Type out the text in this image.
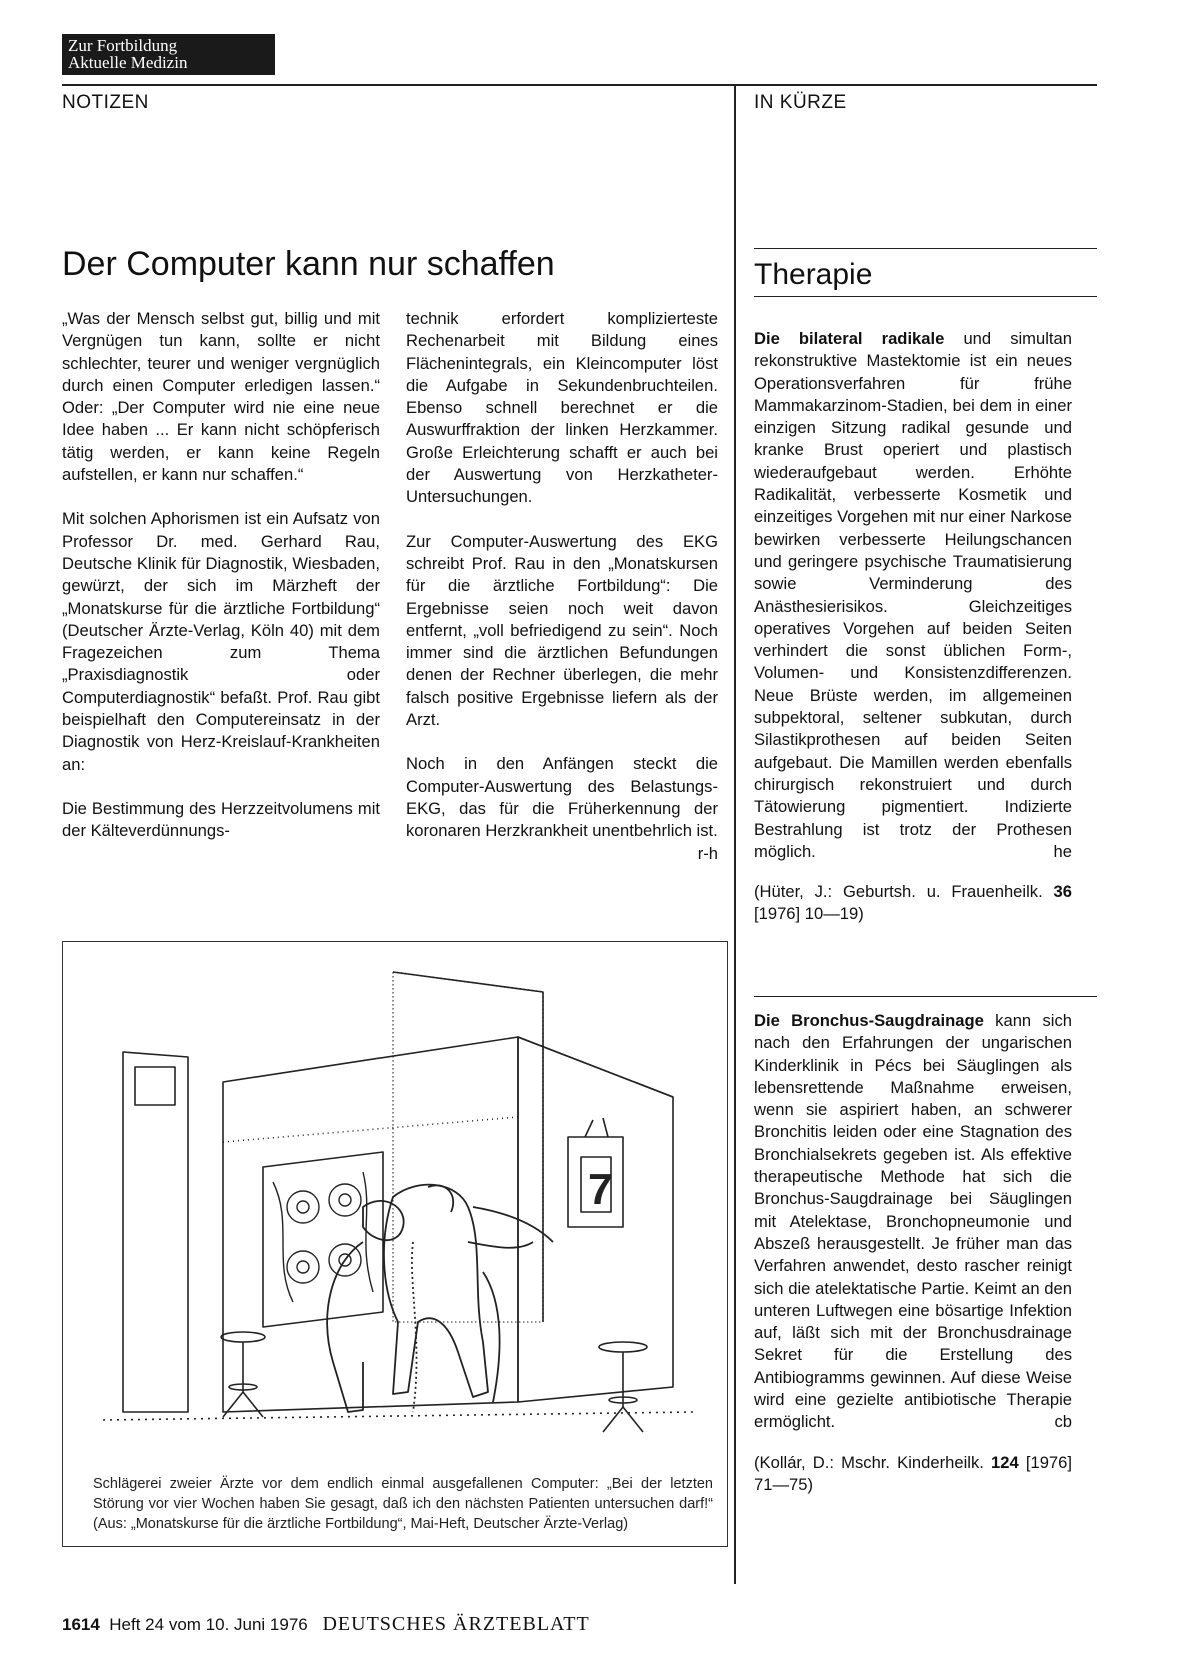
Zur Fortbildung
Aktuelle Medizin
NOTIZEN	IN KÜRZE
Der Computer kann nur schaffen

„Was der Mensch selbst gut, billig und mit Vergnügen tun kann, sollte er nicht schlechter, teurer und weniger vergnüglich durch einen Computer erledigen lassen.“ Oder: „Der Computer wird nie eine neue Idee haben ... Er kann nicht schöpferisch tätig werden, er kann keine Regeln aufstellen, er kann nur schaffen.“

Mit solchen Aphorismen ist ein Aufsatz von Professor Dr. med. Gerhard Rau, Deutsche Klinik für Diagnostik, Wiesbaden, gewürzt, der sich im Märzheft der „Monatskurse für die ärztliche Fortbildung“ (Deutscher Ärzte-Verlag, Köln 40) mit dem Fragezeichen zum Thema „Praxisdiagnostik oder Computerdiagnostik“ befaßt. Prof. Rau gibt beispielhaft den Computereinsatz in der Diagnostik von Herz-Kreislauf-Krankheiten an:

Die Bestimmung des Herzzeitvolumens mit der Kälteverdünnungs-

technik erfordert komplizierteste Rechenarbeit mit Bildung eines Flächenintegrals, ein Kleincomputer löst die Aufgabe in Sekundenbruchteilen. Ebenso schnell berechnet er die Auswurffraktion der linken Herzkammer. Große Erleichterung schafft er auch bei der Auswertung von Herzkatheter-Untersuchungen.

Zur Computer-Auswertung des EKG schreibt Prof. Rau in den „Monatskursen für die ärztliche Fortbildung“: Die Ergebnisse seien noch weit davon entfernt, „voll befriedigend zu sein“. Noch immer sind die ärztlichen Befundungen denen der Rechner überlegen, die mehr falsch positive Ergebnisse liefern als der Arzt.

Noch in den Anfängen steckt die Computer-Auswertung des Belastungs-EKG, das für die Früherkennung der koronaren Herzkrankheit unentbehrlich ist.
r-h

Therapie

Die bilateral radikale und simultan rekonstruktive Mastektomie ist ein neues Operationsverfahren für frühe Mammakarzinom-Stadien, bei dem in einer einzigen Sitzung radikal gesunde und kranke Brust operiert und plastisch wiederaufgebaut werden. Erhöhte Radikalität, verbesserte Kosmetik und einzeitiges Vorgehen mit nur einer Narkose bewirken verbesserte Heilungschancen und geringere psychische Traumatisierung sowie Verminderung des Anästhesierisikos. Gleichzeitiges operatives Vorgehen auf beiden Seiten verhindert die sonst üblichen Form-, Volumen- und Konsistenzdifferenzen. Neue Brüste werden, im allgemeinen subpektoral, seltener subkutan, durch Silastikprothesen auf beiden Seiten aufgebaut. Die Mamillen werden ebenfalls chirurgisch rekonstruiert und durch Tätowierung pigmentiert. Indizierte Bestrahlung ist trotz der Prothesen möglich.	he

(Hüter, J.: Geburtsh. u. Frauenheilk. 36 [1976] 10—19)

Die Bronchus-Saugdrainage kann sich nach den Erfahrungen der ungarischen Kinderklinik in Pécs bei Säuglingen als lebensrettende Maßnahme erweisen, wenn sie aspiriert haben, an schwerer Bronchitis leiden oder eine Stagnation des Bronchialsekrets gegeben ist. Als effektive therapeutische Methode hat sich die Bronchus-Saugdrainage bei Säuglingen mit Atelektase, Bronchopneumonie und Abszeß herausgestellt. Je früher man das Verfahren anwendet, desto rascher reinigt sich die atelektatische Partie. Keimt an den unteren Luftwegen eine bösartige Infektion auf, läßt sich mit der Bronchusdrainage Sekret für die Erstellung des Antibiogramms gewinnen. Auf diese Weise wird eine gezielte antibiotische Therapie ermöglicht.	cb

(Kollár, D.: Mschr. Kinderheilk. 124 [1976] 71—75)

7
Schlägerei zweier Ärzte vor dem endlich einmal ausgefallenen Computer: „Bei der letzten Störung vor vier Wochen haben Sie gesagt, daß ich den nächsten Patienten untersuchen darf!“ (Aus: „Monatskurse für die ärztliche Fortbildung“, Mai-Heft, Deutscher Ärzte-Verlag)
1614 Heft 24 vom 10. Juni 1976 DEUTSCHES ÄRZTEBLATT
